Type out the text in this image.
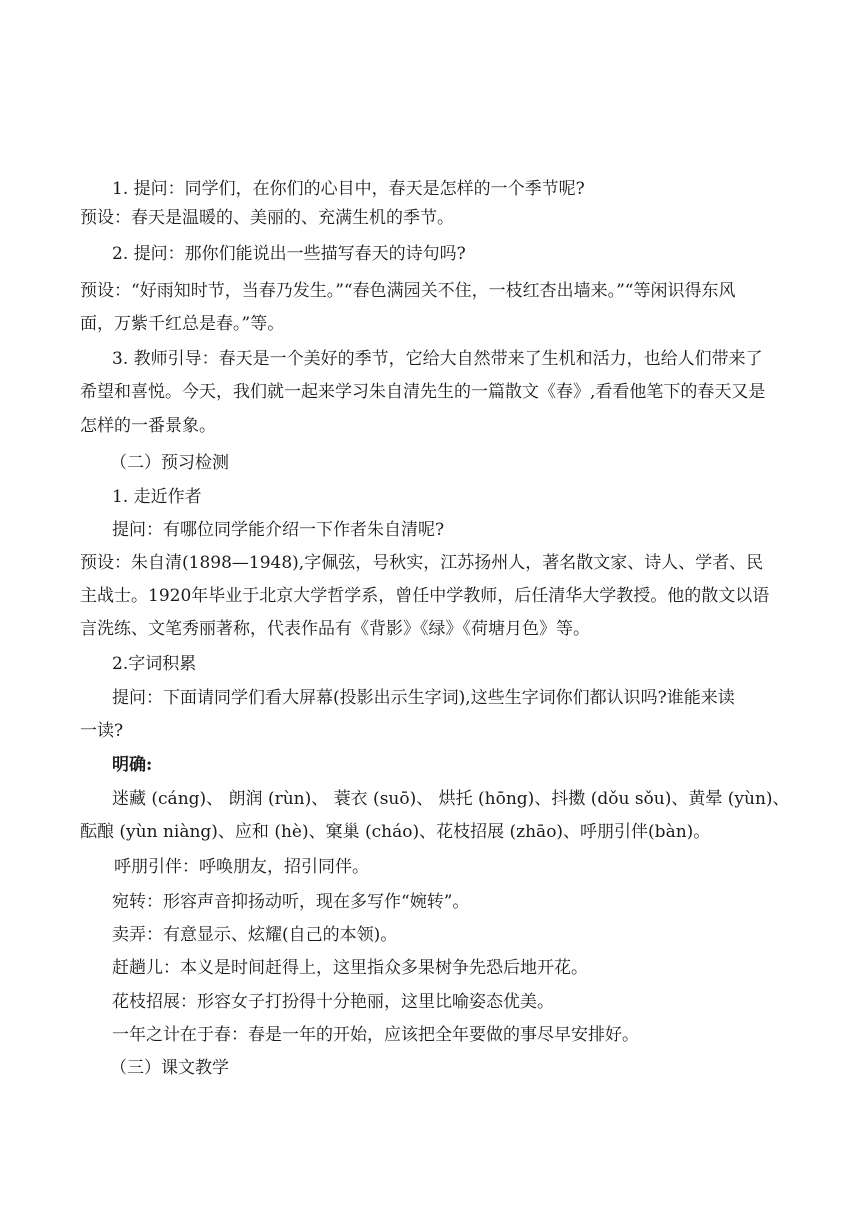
1. 提问：同学们，在你们的心目中，春天是怎样的一个季节呢?
预设：春天是温暖的、美丽的、充满生机的季节。
2. 提问：那你们能说出一些描写春天的诗句吗?
预设：“好雨知时节，当春乃发生。”“春色满园关不住，一枝红杏出墙来。”“等闲识得东风
面，万紫千红总是春。”等。
3. 教师引导：春天是一个美好的季节，它给大自然带来了生机和活力，也给人们带来了
希望和喜悦。今天，我们就一起来学习朱自清先生的一篇散文《春》,看看他笔下的春天又是
怎样的一番景象。
（二）预习检测
1. 走近作者
提问：有哪位同学能介绍一下作者朱自清呢?
预设：朱自清(1898—1948),字佩弦，号秋实，江苏扬州人，著名散文家、诗人、学者、民
主战士。1920年毕业于北京大学哲学系，曾任中学教师，后任清华大学教授。他的散文以语
言洗练、文笔秀丽著称，代表作品有《背影》《绿》《荷塘月色》等。
2.字词积累
提问：下面请同学们看大屏幕(投影出示生字词),这些生字词你们都认识吗?谁能来读
一读?
明确:
迷藏 (cáng)、 朗润 (rùn)、 蓑衣 (suō)、 烘托 (hōng)、抖擞 (dǒu sǒu)、黄晕 (yùn)、
酝酿 (yùn niàng)、应和 (hè)、窠巢 (cháo)、花枝招展 (zhāo)、呼朋引伴(bàn)。
呼朋引伴：呼唤朋友，招引同伴。
宛转：形容声音抑扬动听，现在多写作“婉转”。
卖弄：有意显示、炫耀(自己的本领)。
赶趟儿：本义是时间赶得上，这里指众多果树争先恐后地开花。
花枝招展：形容女子打扮得十分艳丽，这里比喻姿态优美。
一年之计在于春：春是一年的开始，应该把全年要做的事尽早安排好。
（三）课文教学
